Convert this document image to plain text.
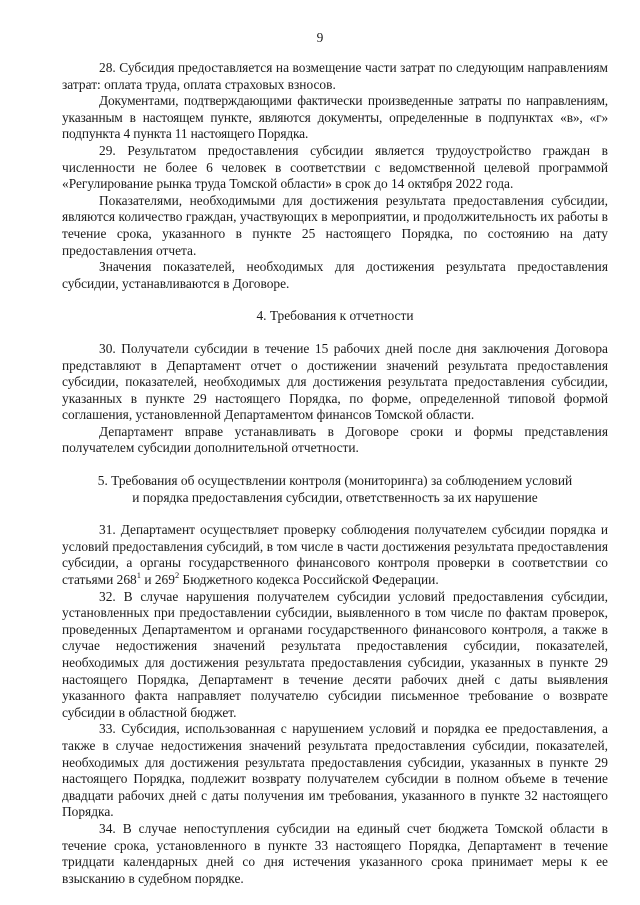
9

28. Субсидия предоставляется на возмещение части затрат по следующим направлениям затрат: оплата труда, оплата страховых взносов.

Документами, подтверждающими фактически произведенные затраты по направлениям, указанным в настоящем пункте, являются документы, определенные в подпунктах «в», «г» подпункта 4 пункта 11 настоящего Порядка.

29. Результатом предоставления субсидии является трудоустройство граждан в численности не более 6 человек в соответствии с ведомственной целевой программой «Регулирование рынка труда Томской области» в срок до 14 октября 2022 года.

Показателями, необходимыми для достижения результата предоставления субсидии, являются количество граждан, участвующих в мероприятии, и продолжительность их работы в течение срока, указанного в пункте 25 настоящего Порядка, по состоянию на дату предоставления отчета.

Значения показателей, необходимых для достижения результата предоставления субсидии, устанавливаются в Договоре.

4. Требования к отчетности

30. Получатели субсидии в течение 15 рабочих дней после дня заключения Договора представляют в Департамент отчет о достижении значений результата предоставления субсидии, показателей, необходимых для достижения результата предоставления субсидии, указанных в пункте 29 настоящего Порядка, по форме, определенной типовой формой соглашения, установленной Департаментом финансов Томской области.

Департамент вправе устанавливать в Договоре сроки и формы представления получателем субсидии дополнительной отчетности.

5. Требования об осуществлении контроля (мониторинга) за соблюдением условий
и порядка предоставления субсидии, ответственность за их нарушение

31. Департамент осуществляет проверку соблюдения получателем субсидии порядка и условий предоставления субсидий, в том числе в части достижения результата предоставления субсидии, а органы государственного финансового контроля проверки в соответствии со статьями $268^1$ и $269^2$ Бюджетного кодекса Российской Федерации.

32. В случае нарушения получателем субсидии условий предоставления субсидии, установленных при предоставлении субсидии, выявленного в том числе по фактам проверок, проведенных Департаментом и органами государственного финансового контроля, а также в случае недостижения значений результата предоставления субсидии, показателей, необходимых для достижения результата предоставления субсидии, указанных в пункте 29 настоящего Порядка, Департамент в течение десяти рабочих дней с даты выявления указанного факта направляет получателю субсидии письменное требование о возврате субсидии в областной бюджет.

33. Субсидия, использованная с нарушением условий и порядка ее предоставления, а также в случае недостижения значений результата предоставления субсидии, показателей, необходимых для достижения результата предоставления субсидии, указанных в пункте 29 настоящего Порядка, подлежит возврату получателем субсидии в полном объеме в течение двадцати рабочих дней с даты получения им требования, указанного в пункте 32 настоящего Порядка.

34. В случае непоступления субсидии на единый счет бюджета Томской области в течение срока, установленного в пункте 33 настоящего Порядка, Департамент в течение тридцати календарных дней со дня истечения указанного срока принимает меры к ее взысканию в судебном порядке.
